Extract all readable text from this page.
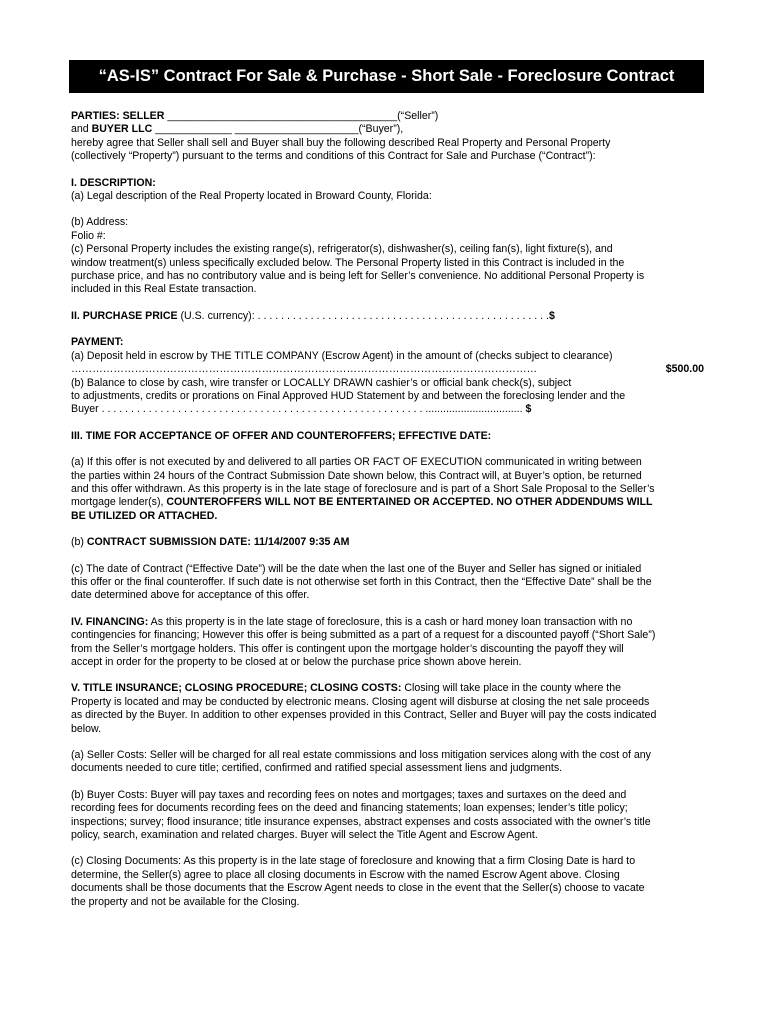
“AS-IS” Contract For Sale & Purchase - Short Sale - Foreclosure Contract

PARTIES: SELLER _______________________________________(“Seller”)

and BUYER LLC _____________ _____________________(“Buyer”),

hereby agree that Seller shall sell and Buyer shall buy the following described Real Property and Personal Property

(collectively “Property”) pursuant to the terms and conditions of this Contract for Sale and Purchase (“Contract”):

I. DESCRIPTION:

(a) Legal description of the Real Property located in Broward County, Florida:

(b) Address:

Folio #:

(c) Personal Property includes the existing range(s), refrigerator(s), dishwasher(s), ceiling fan(s), light fixture(s), and

window treatment(s) unless specifically excluded below. The Personal Property listed in this Contract is included in the

purchase price, and has no contributory value and is being left for Seller’s convenience. No additional Personal Property is

included in this Real Estate transaction.

II. PURCHASE PRICE (U.S. currency): . . . . . . . . . . . . . . . . . . . . . . . . . . . . . . . . . . . . . . . . . . . . . . . . . .$

PAYMENT:

(a) Deposit held in escrow by THE TITLE COMPANY (Escrow Agent) in the amount of (checks subject to clearance)

……………………………………………………………………………………………………………………	$500.00

(b) Balance to close by cash, wire transfer or LOCALLY DRAWN cashier’s or official bank check(s), subject

to adjustments, credits or prorations on Final Approved HUD Statement by and between the foreclosing lender and the

Buyer . . . . . . . . . . . . . . . . . . . . . . . . . . . . . . . . . . . . . . . . . . . . . . . . . . . . . . . ................................. $

III. TIME FOR ACCEPTANCE OF OFFER AND COUNTEROFFERS; EFFECTIVE DATE:

(a) If this offer is not executed by and delivered to all parties OR FACT OF EXECUTION communicated in writing between

the parties within 24 hours of the Contract Submission Date shown below, this Contract will, at Buyer’s option, be returned

and this offer withdrawn. As this property is in the late stage of foreclosure and is part of a Short Sale Proposal to the Seller’s

mortgage lender(s), COUNTEROFFERS WILL NOT BE ENTERTAINED OR ACCEPTED. NO OTHER ADDENDUMS WILL

BE UTILIZED OR ATTACHED.

(b) CONTRACT SUBMISSION DATE: 11/14/2007 9:35 AM

(c) The date of Contract (“Effective Date”) will be the date when the last one of the Buyer and Seller has signed or initialed

this offer or the final counteroffer. If such date is not otherwise set forth in this Contract, then the “Effective Date” shall be the

date determined above for acceptance of this offer.

IV. FINANCING: As this property is in the late stage of foreclosure, this is a cash or hard money loan transaction with no

contingencies for financing; However this offer is being submitted as a part of a request for a discounted payoff (“Short Sale”)

from the Seller’s mortgage holders. This offer is contingent upon the mortgage holder’s discounting the payoff they will

accept in order for the property to be closed at or below the purchase price shown above herein.

V. TITLE INSURANCE; CLOSING PROCEDURE; CLOSING COSTS: Closing will take place in the county where the

Property is located and may be conducted by electronic means. Closing agent will disburse at closing the net sale proceeds

as directed by the Buyer. In addition to other expenses provided in this Contract, Seller and Buyer will pay the costs indicated

below.

(a) Seller Costs: Seller will be charged for all real estate commissions and loss mitigation services along with the cost of any

documents needed to cure title; certified, confirmed and ratified special assessment liens and judgments.

(b) Buyer Costs: Buyer will pay taxes and recording fees on notes and mortgages; taxes and surtaxes on the deed and

recording fees for documents recording fees on the deed and financing statements; loan expenses; lender’s title policy;

inspections; survey; flood insurance; title insurance expenses, abstract expenses and costs associated with the owner’s title

policy, search, examination and related charges. Buyer will select the Title Agent and Escrow Agent.

(c) Closing Documents: As this property is in the late stage of foreclosure and knowing that a firm Closing Date is hard to

determine, the Seller(s) agree to place all closing documents in Escrow with the named Escrow Agent above. Closing

documents shall be those documents that the Escrow Agent needs to close in the event that the Seller(s) choose to vacate

the property and not be available for the Closing.
